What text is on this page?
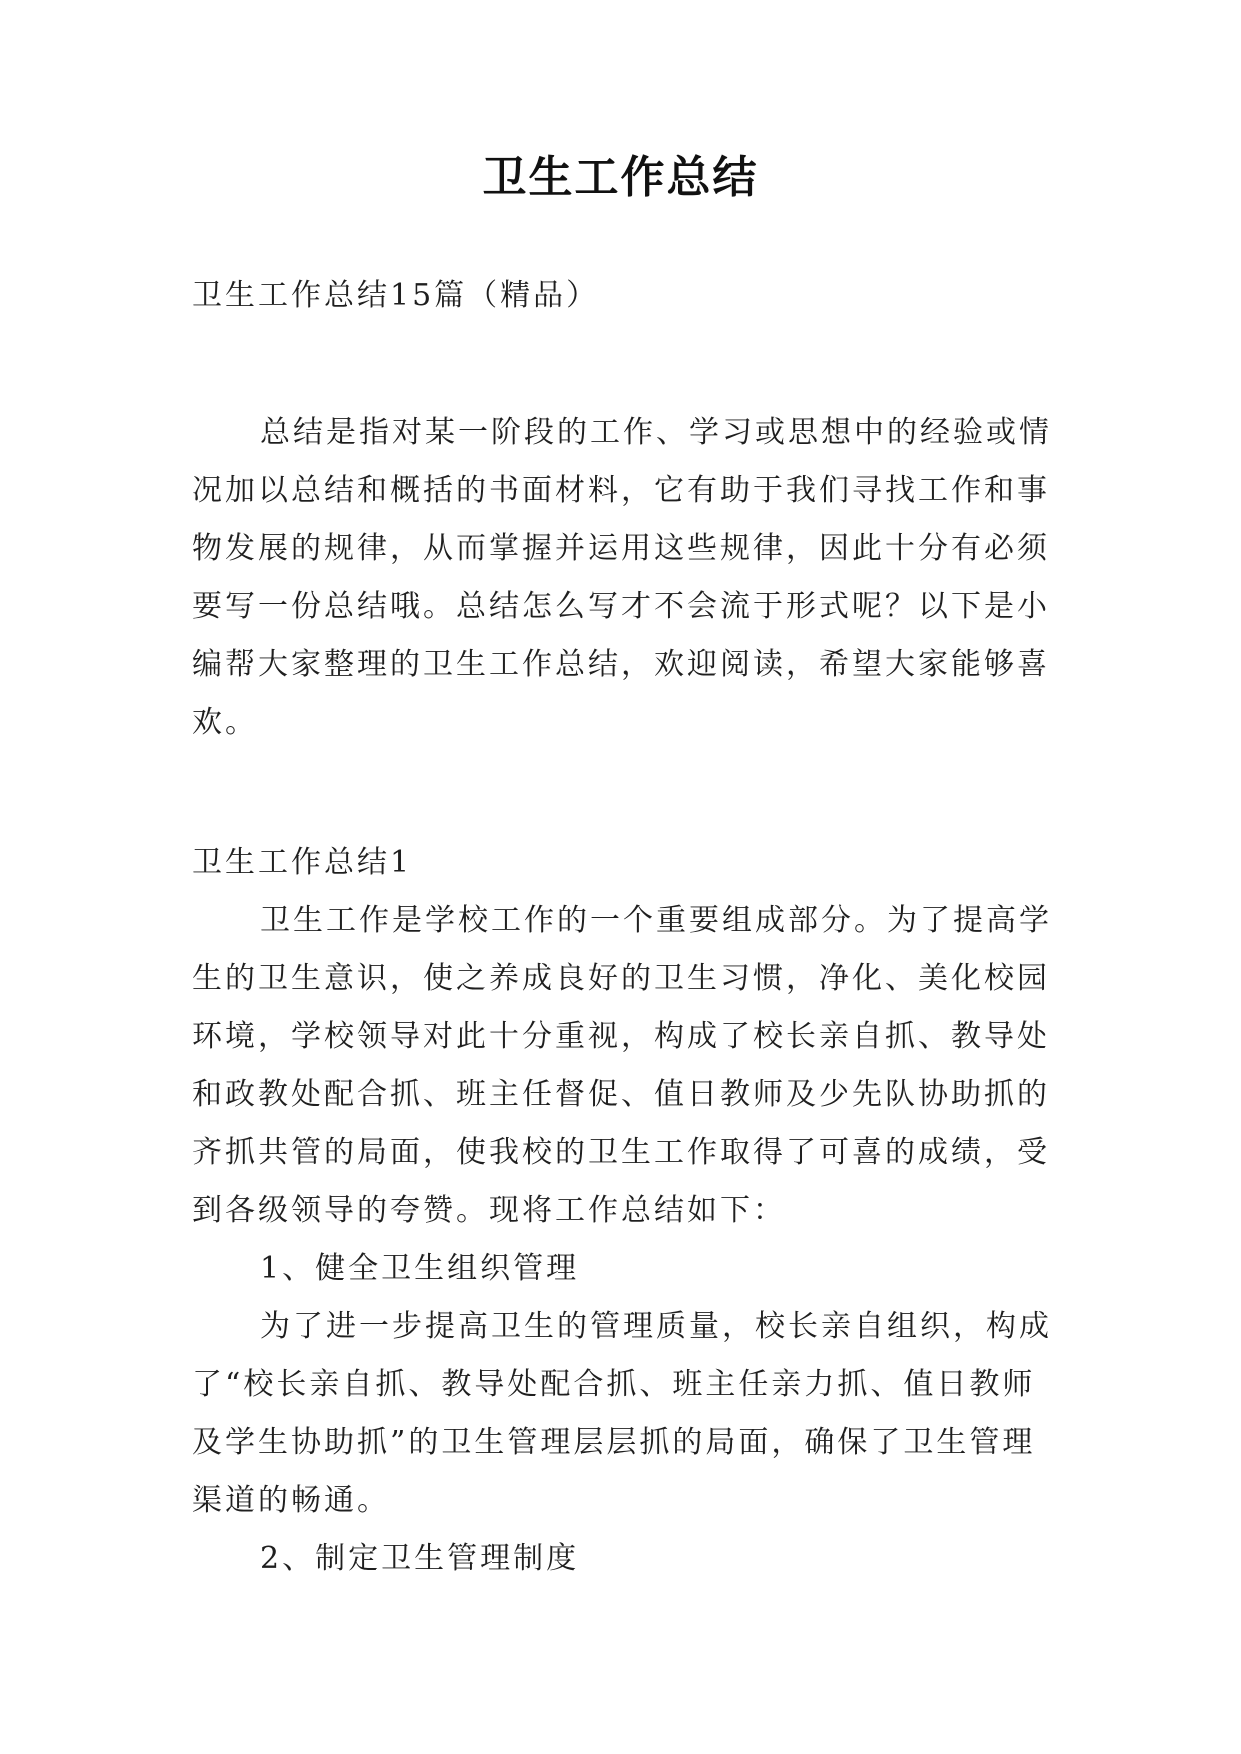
卫生工作总结

卫生工作总结15篇（精品）

总结是指对某一阶段的工作、学习或思想中的经验或情况加以总结和概括的书面材料，它有助于我们寻找工作和事物发展的规律，从而掌握并运用这些规律，因此十分有必须要写一份总结哦。总结怎么写才不会流于形式呢？以下是小编帮大家整理的卫生工作总结，欢迎阅读，希望大家能够喜欢。

卫生工作总结1

卫生工作是学校工作的一个重要组成部分。为了提高学生的卫生意识，使之养成良好的卫生习惯，净化、美化校园环境，学校领导对此十分重视，构成了校长亲自抓、教导处和政教处配合抓、班主任督促、值日教师及少先队协助抓的齐抓共管的局面，使我校的卫生工作取得了可喜的成绩，受到各级领导的夸赞。现将工作总结如下：

1、健全卫生组织管理

为了进一步提高卫生的管理质量，校长亲自组织，构成了“校长亲自抓、教导处配合抓、班主任亲力抓、值日教师及学生协助抓”的卫生管理层层抓的局面，确保了卫生管理渠道的畅通。

2、制定卫生管理制度
